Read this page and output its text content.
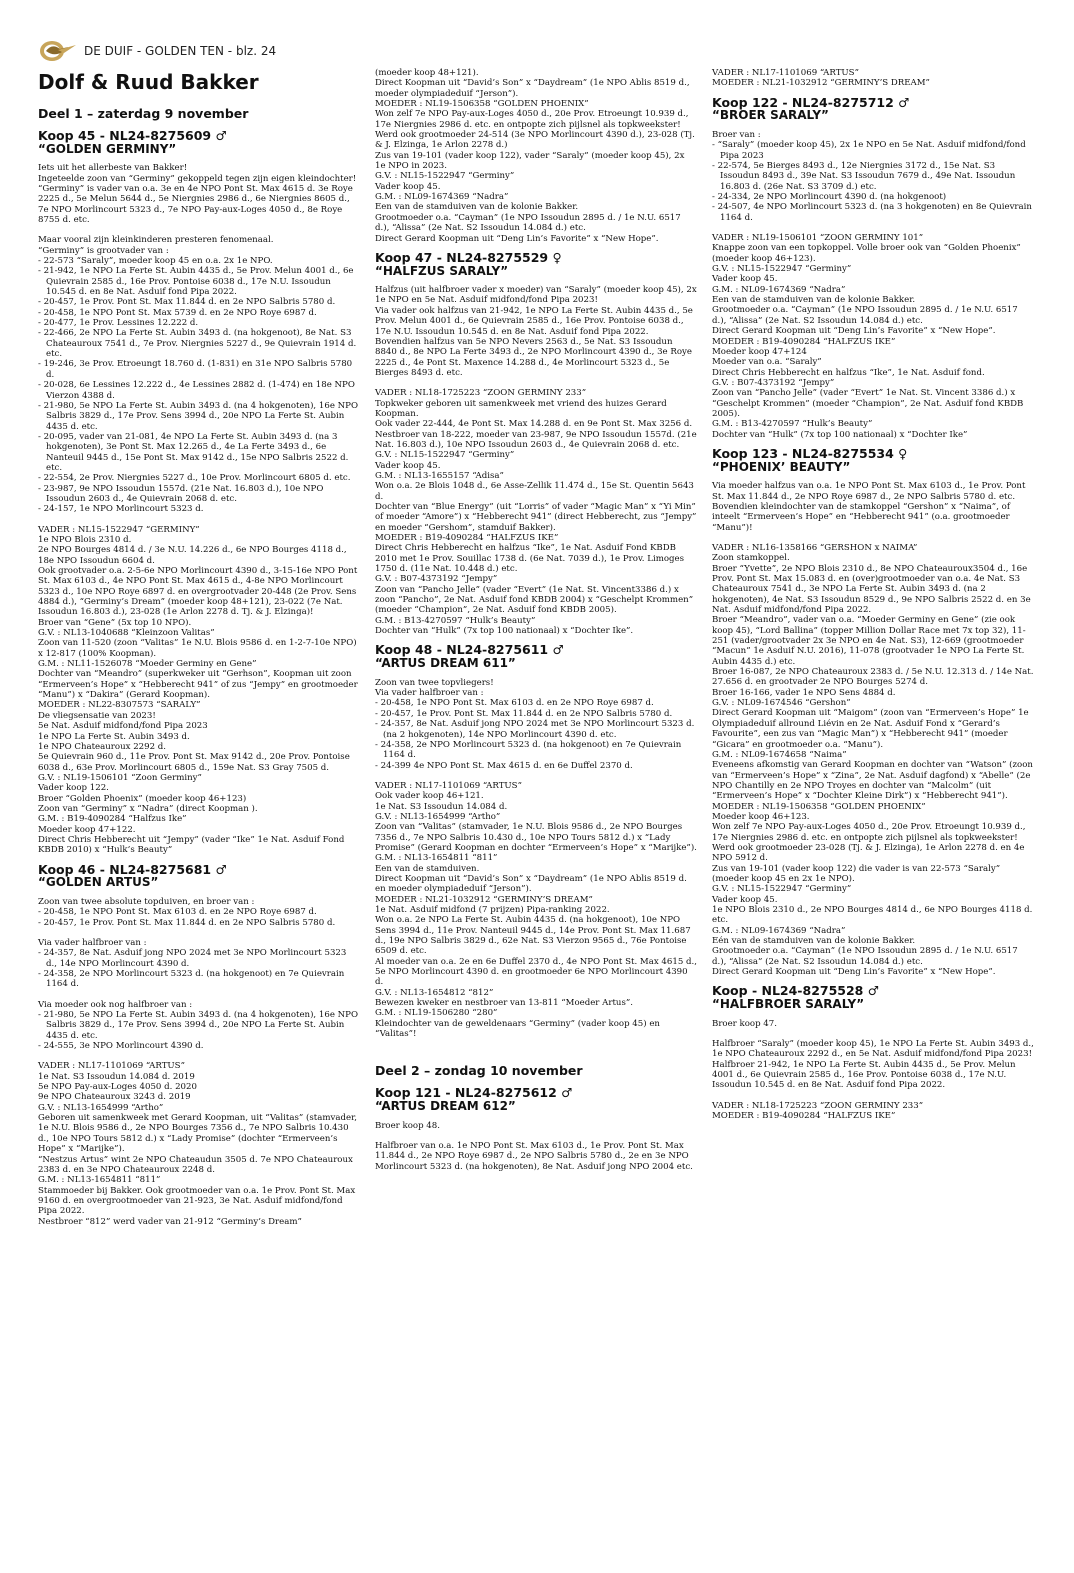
DE DUIF - GOLDEN TEN - blz. 24
Dolf & Ruud Bakker
Deel 1 – zaterdag 9 november
Koop 45 - NL24-8275609 ♂
“GOLDEN GERMINY”
Iets uit het allerbeste van Bakker!
Ingeteelde zoon van “Germiny” gekoppeld tegen zijn eigen kleindochter!
“Germiny” is vader van o.a. 3e en 4e NPO Pont St. Max 4615 d. 3e Roye 2225 d., 5e Melun 5644 d., 5e Niergnies 2986 d., 6e Niergnies 8605 d., 7e NPO Morlincourt 5323 d., 7e NPO Pay-aux-Loges 4050 d., 8e Roye 8755 d. etc.
Maar vooral zijn kleinkinderen presteren fenomenaal.
“Germiny” is grootvader van :
- 22-573 “Saraly”, moeder koop 45 en o.a. 2x 1e NPO.
- 21-942, 1e NPO La Ferte St. Aubin 4435 d., 5e Prov. Melun 4001 d., 6e Quievrain 2585 d., 16e Prov. Pontoise 6038 d., 17e N.U. Issoudun 10.545 d. en 8e Nat. Asduif fond Pipa 2022.
- 20-457, 1e Prov. Pont St. Max 11.844 d. en 2e NPO Salbris 5780 d.
- 20-458, 1e NPO Pont St. Max 5739 d. en 2e NPO Roye 6987 d.
- 20-477, 1e Prov. Lessines 12.222 d.
- 22-466, 2e NPO La Ferte St. Aubin 3493 d. (na hokgenoot), 8e Nat. S3 Chateauroux 7541 d., 7e Prov. Niergnies 5227 d., 9e Quievrain 1914 d. etc.
- 19-246, 3e Prov. Etroeungt 18.760 d. (1-831) en 31e NPO Salbris 5780 d.
- 20-028, 6e Lessines 12.222 d., 4e Lessines 2882 d. (1-474) en 18e NPO Vierzon 4388 d.
- 21-980, 5e NPO La Ferte St. Aubin 3493 d. (na 4 hokgenoten), 16e NPO Salbris 3829 d., 17e Prov. Sens 3994 d., 20e NPO La Ferte St. Aubin 4435 d. etc.
- 20-095, vader van 21-081, 4e NPO La Ferte St. Aubin 3493 d. (na 3 hokgenoten), 3e Pont St. Max 12.265 d., 4e La Ferte 3493 d., 6e Nanteuil 9445 d., 15e Pont St. Max 9142 d., 15e NPO Salbris 2522 d. etc.
- 22-554, 2e Prov. Niergnies 5227 d., 10e Prov. Morlincourt 6805 d. etc.
- 23-987, 9e NPO Issoudun 1557d. (21e Nat. 16.803 d.), 10e NPO Issoudun 2603 d., 4e Quievrain 2068 d. etc.
- 24-157, 1e NPO Morlincourt 5323 d.
VADER : NL15-1522947 “GERMINY”
1e NPO Blois 2310 d.
2e NPO Bourges 4814 d. / 3e N.U. 14.226 d., 6e NPO Bourges 4118 d., 18e NPO Issoudun 6604 d.
Ook grootvader o.a. 2-5-6e NPO Morlincourt 4390 d., 3-15-16e NPO Pont St. Max 6103 d., 4e NPO Pont St. Max 4615 d., 4-8e NPO Morlincourt 5323 d., 10e NPO Roye 6897 d. en overgrootvader 20-448 (2e Prov. Sens 4884 d.), “Germiny’s Dream” (moeder koop 48+121), 23-022 (7e Nat. Issoudun 16.803 d.), 23-028 (1e Arlon 2278 d. Tj. & J. Elzinga)!
Broer van “Gene” (5x top 10 NPO).
G.V. : NL13-1040688 “Kleinzoon Valitas”
Zoon van 11-520 (zoon “Valitas” 1e N.U. Blois 9586 d. en 1-2-7-10e NPO) x 12-817 (100% Koopman).
G.M. : NL11-1526078 “Moeder Germiny en Gene”
Dochter van “Meandro” (superkweker uit “Gerhson”, Koopman uit zoon “Ermerveen’s Hope” x “Hebberecht 941” of zus “Jempy” en grootmoeder “Manu”) x “Dakira” (Gerard Koopman).
MOEDER : NL22-8307573 “SARALY”
De vliegsensatie van 2023!
5e Nat. Asduif midfond/fond Pipa 2023
1e NPO La Ferte St. Aubin 3493 d.
1e NPO Chateauroux 2292 d.
5e Quievrain 960 d., 11e Prov. Pont St. Max 9142 d., 20e Prov. Pontoise 6038 d., 63e Prov. Morlincourt 6805 d., 159e Nat. S3 Gray 7505 d.
G.V. : NL19-1506101 “Zoon Germiny”
Vader koop 122.
Broer “Golden Phoenix” (moeder koop 46+123)
Zoon van “Germiny” x “Nadra” (direct Koopman ).
G.M. : B19-4090284 “Halfzus Ike”
Moeder koop 47+122.
Direct Chris Hebberecht uit “Jempy” (vader “Ike” 1e Nat. Asduif Fond KBDB 2010) x “Hulk’s Beauty”
Koop 46 - NL24-8275681 ♂
“GOLDEN ARTUS”
Zoon van twee absolute topduiven, en broer van :
- 20-458, 1e NPO Pont St. Max 6103 d. en 2e NPO Roye 6987 d.
- 20-457, 1e Prov. Pont St. Max 11.844 d. en 2e NPO Salbris 5780 d.
Via vader halfbroer van :
- 24-357, 8e Nat. Asduif jong NPO 2024 met 3e NPO Morlincourt 5323 d., 14e NPO Morlincourt 4390 d.
- 24-358, 2e NPO Morlincourt 5323 d. (na hokgenoot) en 7e Quievrain 1164 d.
Via moeder ook nog halfbroer van :
- 21-980, 5e NPO La Ferte St. Aubin 3493 d. (na 4 hokgenoten), 16e NPO Salbris 3829 d., 17e Prov. Sens 3994 d., 20e NPO La Ferte St. Aubin 4435 d. etc.
- 24-555, 3e NPO Morlincourt 4390 d.
VADER : NL17-1101069 “ARTUS”
1e Nat. S3 Issoudun 14.084 d. 2019
5e NPO Pay-aux-Loges 4050 d. 2020
9e NPO Chateauroux 3243 d. 2019
G.V. : NL13-1654999 “Artho”
Geboren uit samenkweek met Gerard Koopman, uit “Valitas” (stamvader, 1e N.U. Blois 9586 d., 2e NPO Bourges 7356 d., 7e NPO Salbris 10.430 d., 10e NPO Tours 5812 d.) x “Lady Promise” (dochter “Ermerveen’s Hope” x “Marijke”).
“Nestzus Artus” wint 2e NPO Chateaudun 3505 d. 7e NPO Chateauroux 2383 d. en 3e NPO Chateauroux 2248 d.
G.M. : NL13-1654811 “811”
Stammoeder bij Bakker. Ook grootmoeder van o.a. 1e Prov. Pont St. Max 9160 d. en overgrootmoeder van 21-923, 3e Nat. Asduif midfond/fond Pipa 2022.
Nestbroer “812” werd vader van 21-912 “Germiny’s Dream”
(moeder koop 48+121).
Direct Koopman uit “David’s Son” x “Daydream” (1e NPO Ablis 8519 d., moeder olympiadeduif “Jerson”).
MOEDER : NL19-1506358 “GOLDEN PHOENIX”
Won zelf 7e NPO Pay-aux-Loges 4050 d., 20e Prov. Etroeungt 10.939 d., 17e Niergnies 2986 d. etc. en ontpopte zich pijlsnel als topkweekster!
Werd ook grootmoeder 24-514 (3e NPO Morlincourt 4390 d.), 23-028 (Tj. & J. Elzinga, 1e Arlon 2278 d.)
Zus van 19-101 (vader koop 122), vader “Saraly” (moeder koop 45), 2x 1e NPO in 2023.
G.V. : NL15-1522947 “Germiny”
Vader koop 45.
G.M. : NL09-1674369 “Nadra”
Een van de stamduiven van de kolonie Bakker.
Grootmoeder o.a. “Cayman” (1e NPO Issoudun 2895 d. / 1e N.U. 6517 d.), “Alissa” (2e Nat. S2 Issoudun 14.084 d.) etc.
Direct Gerard Koopman uit “Deng Lin’s Favorite” x “New Hope”.
Koop 47 - NL24-8275529 ♀
“HALFZUS SARALY”
Halfzus (uit halfbroer vader x moeder) van “Saraly” (moeder koop 45), 2x 1e NPO en 5e Nat. Asduif midfond/fond Pipa 2023!
Via vader ook halfzus van 21-942, 1e NPO La Ferte St. Aubin 4435 d., 5e Prov. Melun 4001 d., 6e Quievrain 2585 d., 16e Prov. Pontoise 6038 d., 17e N.U. Issoudun 10.545 d. en 8e Nat. Asduif fond Pipa 2022.
Bovendien halfzus van 5e NPO Nevers 2563 d., 5e Nat. S3 Issoudun 8840 d., 8e NPO La Ferte 3493 d., 2e NPO Morlincourt 4390 d., 3e Roye 2225 d., 4e Pont St. Maxence 14.288 d., 4e Morlincourt 5323 d., 5e Bierges 8493 d. etc.
VADER : NL18-1725223 “ZOON GERMINY 233”
Topkweker geboren uit samenkweek met vriend des huizes Gerard Koopman.
Ook vader 22-444, 4e Pont St. Max 14.288 d. en 9e Pont St. Max 3256 d.
Nestbroer van 18-222, moeder van 23-987, 9e NPO Issoudun 1557d. (21e Nat. 16.803 d.), 10e NPO Issoudun 2603 d., 4e Quievrain 2068 d. etc.
G.V. : NL15-1522947 “Germiny”
Vader koop 45.
G.M. : NL13-1655157 “Adisa”
Won o.a. 2e Blois 1048 d., 6e Asse-Zellik 11.474 d., 15e St. Quentin 5643 d.
Dochter van “Blue Energy” (uit “Lorris” of vader “Magic Man” x “Yi Min” of moeder “Amore”) x “Hebberecht 941” (direct Hebberecht, zus “Jempy” en moeder “Gershom”, stamduif Bakker).
MOEDER : B19-4090284 “HALFZUS IKE”
Direct Chris Hebberecht en halfzus “Ike”, 1e Nat. Asduif Fond KBDB 2010 met 1e Prov. Souillac 1738 d. (6e Nat. 7039 d.), 1e Prov. Limoges 1750 d. (11e Nat. 10.448 d.) etc.
G.V. : B07-4373192 “Jempy”
Zoon van “Pancho Jelle” (vader “Evert” (1e Nat. St. Vincent3386 d.) x zoon “Pancho”, 2e Nat. Asduif fond KBDB 2004) x “Geschelpt Krommen” (moeder “Champion”, 2e Nat. Asduif fond KBDB 2005).
G.M. : B13-4270597 “Hulk’s Beauty”
Dochter van “Hulk” (7x top 100 nationaal) x “Dochter Ike”.
Koop 48 - NL24-8275611 ♂
“ARTUS DREAM 611”
Zoon van twee topvliegers!
Via vader halfbroer van :
- 20-458, 1e NPO Pont St. Max 6103 d. en 2e NPO Roye 6987 d.
- 20-457, 1e Prov. Pont St. Max 11.844 d. en 2e NPO Salbris 5780 d.
- 24-357, 8e Nat. Asduif jong NPO 2024 met 3e NPO Morlincourt 5323 d. (na 2 hokgenoten), 14e NPO Morlincourt 4390 d. etc.
- 24-358, 2e NPO Morlincourt 5323 d. (na hokgenoot) en 7e Quievrain 1164 d.
- 24-399 4e NPO Pont St. Max 4615 d. en 6e Duffel 2370 d.
VADER : NL17-1101069 “ARTUS”
Ook vader koop 46+121.
1e Nat. S3 Issoudun 14.084 d.
G.V. : NL13-1654999 “Artho”
Zoon van “Valitas” (stamvader, 1e N.U. Blois 9586 d., 2e NPO Bourges 7356 d., 7e NPO Salbris 10.430 d., 10e NPO Tours 5812 d.) x “Lady Promise” (Gerard Koopman en dochter “Ermerveen’s Hope” x “Marijke”).
G.M. : NL13-1654811 “811”
Een van de stamduiven.
Direct Koopman uit “David’s Son” x “Daydream” (1e NPO Ablis 8519 d. en moeder olympiadeduif “Jerson”).
MOEDER : NL21-1032912 “GERMINY’S DREAM”
1e Nat. Asduif midfond (7 prijzen) Pipa-ranking 2022.
Won o.a. 2e NPO La Ferte St. Aubin 4435 d. (na hokgenoot), 10e NPO Sens 3994 d., 11e Prov. Nanteuil 9445 d., 14e Prov. Pont St. Max 11.687 d., 19e NPO Salbris 3829 d., 62e Nat. S3 Vierzon 9565 d., 76e Pontoise 6509 d. etc.
Al moeder van o.a. 2e en 6e Duffel 2370 d., 4e NPO Pont St. Max 4615 d., 5e NPO Morlincourt 4390 d. en grootmoeder 6e NPO Morlincourt 4390 d.
G.V. : NL13-1654812 “812”
Bewezen kweker en nestbroer van 13-811 “Moeder Artus”.
G.M. : NL19-1506280 “280”
Kleindochter van de geweldenaars “Germiny” (vader koop 45) en “Valitas”!
Deel 2 – zondag 10 november
Koop 121 - NL24-8275612 ♂
“ARTUS DREAM 612”
Broer koop 48.
Halfbroer van o.a. 1e NPO Pont St. Max 6103 d., 1e Prov. Pont St. Max 11.844 d., 2e NPO Roye 6987 d., 2e NPO Salbris 5780 d., 2e en 3e NPO Morlincourt 5323 d. (na hokgenoten), 8e Nat. Asduif jong NPO 2004 etc.
VADER : NL17-1101069 “ARTUS”
MOEDER : NL21-1032912 “GERMINY’S DREAM”
Koop 122 - NL24-8275712 ♂
“BROER SARALY”
Broer van :
- “Saraly” (moeder koop 45), 2x 1e NPO en 5e Nat. Asduif midfond/fond Pipa 2023
- 22-574, 5e Bierges 8493 d., 12e Niergnies 3172 d., 15e Nat. S3 Issoudun 8493 d., 39e Nat. S3 Issoudun 7679 d., 49e Nat. Issoudun 16.803 d. (26e Nat. S3 3709 d.) etc.
- 24-334, 2e NPO Morlincourt 4390 d. (na hokgenoot)
- 24-507, 4e NPO Morlincourt 5323 d. (na 3 hokgenoten) en 8e Quievrain 1164 d.
VADER : NL19-1506101 “ZOON GERMINY 101”
Knappe zoon van een topkoppel. Volle broer ook van “Golden Phoenix” (moeder koop 46+123).
G.V. : NL15-1522947 “Germiny”
Vader koop 45.
G.M. : NL09-1674369 “Nadra”
Een van de stamduiven van de kolonie Bakker.
Grootmoeder o.a. “Cayman” (1e NPO Issoudun 2895 d. / 1e N.U. 6517 d.), “Alissa” (2e Nat. S2 Issoudun 14.084 d.) etc.
Direct Gerard Koopman uit “Deng Lin’s Favorite” x “New Hope”.
MOEDER : B19-4090284 “HALFZUS IKE”
Moeder koop 47+124
Moeder van o.a. “Saraly”
Direct Chris Hebberecht en halfzus “Ike”, 1e Nat. Asduif fond.
G.V. : B07-4373192 “Jempy”
Zoon van “Pancho Jelle” (vader “Evert” 1e Nat. St. Vincent 3386 d.) x “Geschelpt Krommen” (moeder “Champion”, 2e Nat. Asduif fond KBDB 2005).
G.M. : B13-4270597 “Hulk’s Beauty”
Dochter van “Hulk” (7x top 100 nationaal) x “Dochter Ike”
Koop 123 - NL24-8275534 ♀
“PHOENIX’ BEAUTY”
Via moeder halfzus van o.a. 1e NPO Pont St. Max 6103 d., 1e Prov. Pont St. Max 11.844 d., 2e NPO Roye 6987 d., 2e NPO Salbris 5780 d. etc.
Bovendien kleindochter van de stamkoppel “Gershon” x “Naima”, of inteelt “Ermerveen’s Hope” en “Hebberecht 941” (o.a. grootmoeder “Manu”)!
VADER : NL16-1358166 “GERSHON x NAIMA”
Zoon stamkoppel.
Broer “Yvette”, 2e NPO Blois 2310 d., 8e NPO Chateauroux3504 d., 16e Prov. Pont St. Max 15.083 d. en (over)grootmoeder van o.a. 4e Nat. S3 Chateauroux 7541 d., 3e NPO La Ferte St. Aubin 3493 d. (na 2 hokgenoten), 4e Nat. S3 Issoudun 8529 d., 9e NPO Salbris 2522 d. en 3e Nat. Asduif midfond/fond Pipa 2022.
Broer “Meandro”, vader van o.a. “Moeder Germiny en Gene” (zie ook koop 45), “Lord Ballina” (topper Million Dollar Race met 7x top 32), 11-251 (vader/grootvader 2x 3e NPO en 4e Nat. S3), 12-669 (grootmoeder “Macun” 1e Asduif N.U. 2016), 11-078 (grootvader 1e NPO La Ferte St. Aubin 4435 d.) etc.
Broer 16-087, 2e NPO Chateauroux 2383 d. / 5e N.U. 12.313 d. / 14e Nat. 27.656 d. en grootvader 2e NPO Bourges 5274 d.
Broer 16-166, vader 1e NPO Sens 4884 d.
G.V. : NL09-1674546 “Gershon”
Direct Gerard Koopman uit “Maigom” (zoon van “Ermerveen’s Hope” 1e Olympiadeduif allround Liévin en 2e Nat. Asduif Fond x “Gerard’s Favourite”, een zus van “Magic Man”) x “Hebberecht 941” (moeder “Gicara” en grootmoeder o.a. “Manu”).
G.M. : NL09-1674658 “Naima”
Eveneens afkomstig van Gerard Koopman en dochter van “Watson” (zoon van “Ermerveen’s Hope” x “Zina”, 2e Nat. Asduif dagfond) x “Abelle” (2e NPO Chantilly en 2e NPO Troyes en dochter van “Malcolm” (uit “Ermerveen’s Hope” x “Dochter Kleine Dirk”) x “Hebberecht 941”).
MOEDER : NL19-1506358 “GOLDEN PHOENIX”
Moeder koop 46+123.
Won zelf 7e NPO Pay-aux-Loges 4050 d., 20e Prov. Etroeungt 10.939 d., 17e Niergnies 2986 d. etc. en ontpopte zich pijlsnel als topkweekster!
Werd ook grootmoeder 23-028 (Tj. & J. Elzinga), 1e Arlon 2278 d. en 4e NPO 5912 d.
Zus van 19-101 (vader koop 122) die vader is van 22-573 “Saraly” (moeder koop 45 en 2x 1e NPO).
G.V. : NL15-1522947 “Germiny”
Vader koop 45.
1e NPO Blois 2310 d., 2e NPO Bourges 4814 d., 6e NPO Bourges 4118 d. etc.
G.M. : NL09-1674369 “Nadra”
Eén van de stamduiven van de kolonie Bakker.
Grootmoeder o.a. “Cayman” (1e NPO Issoudun 2895 d. / 1e N.U. 6517 d.), “Alissa” (2e Nat. S2 Issoudun 14.084 d.) etc.
Direct Gerard Koopman uit “Deng Lin’s Favorite” x “New Hope”.
Koop - NL24-8275528 ♂
“HALFBROER SARALY”
Broer koop 47.
Halfbroer “Saraly” (moeder koop 45), 1e NPO La Ferte St. Aubin 3493 d., 1e NPO Chateauroux 2292 d., en 5e Nat. Asduif midfond/fond Pipa 2023!
Halfbroer 21-942, 1e NPO La Ferte St. Aubin 4435 d., 5e Prov. Melun 4001 d., 6e Quievrain 2585 d., 16e Prov. Pontoise 6038 d., 17e N.U. Issoudun 10.545 d. en 8e Nat. Asduif fond Pipa 2022.
VADER : NL18-1725223 “ZOON GERMINY 233”
MOEDER : B19-4090284 “HALFZUS IKE”
